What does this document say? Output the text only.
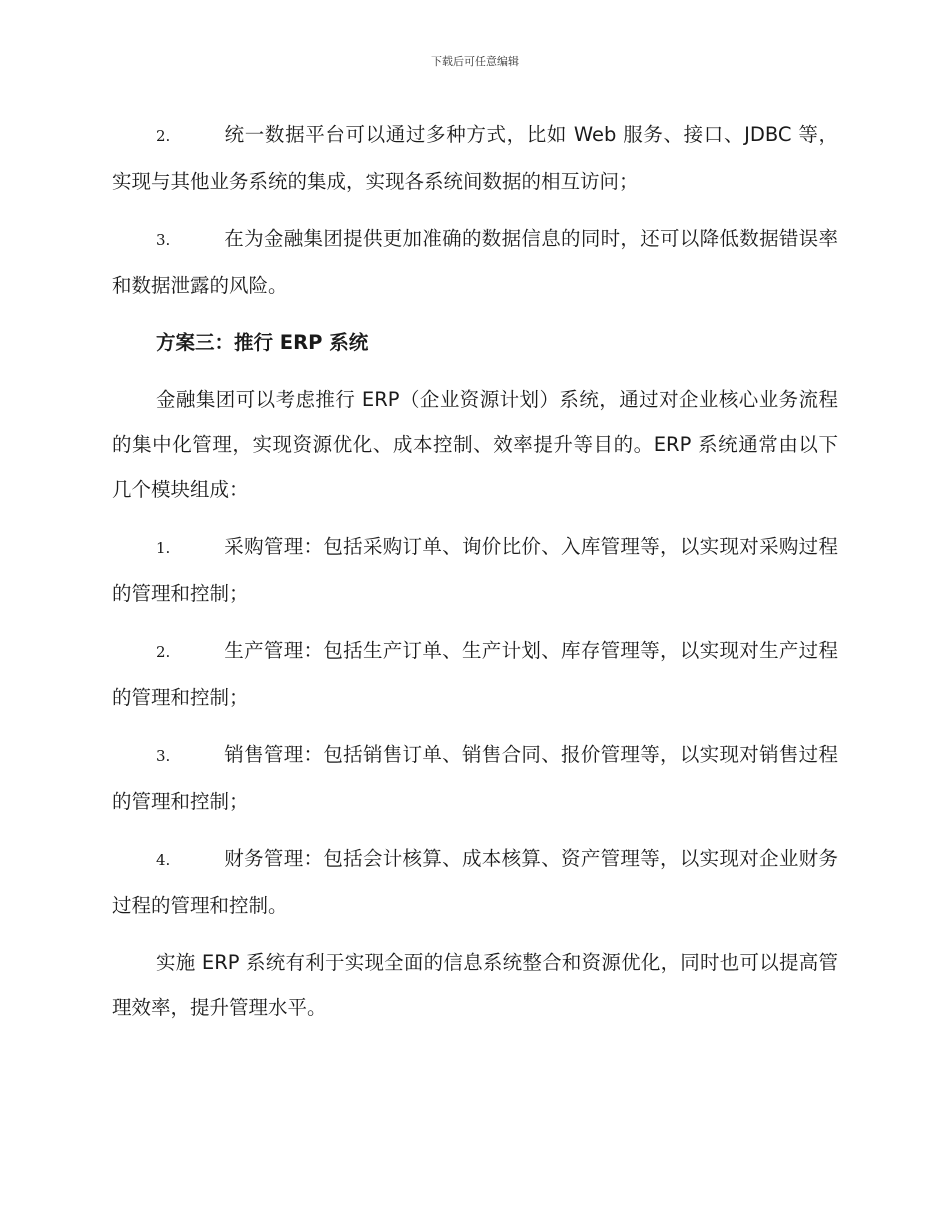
下载后可任意编辑

2.	统一数据平台可以通过多种方式，比如 Web 服务、接口、JDBC 等，实现与其他业务系统的集成，实现各系统间数据的相互访问；

3.	在为金融集团提供更加准确的数据信息的同时，还可以降低数据错误率和数据泄露的风险。

方案三：推行 ERP 系统

金融集团可以考虑推行 ERP（企业资源计划）系统，通过对企业核心业务流程的集中化管理，实现资源优化、成本控制、效率提升等目的。ERP 系统通常由以下几个模块组成：

1.	采购管理：包括采购订单、询价比价、入库管理等，以实现对采购过程的管理和控制；

2.	生产管理：包括生产订单、生产计划、库存管理等，以实现对生产过程的管理和控制；

3.	销售管理：包括销售订单、销售合同、报价管理等，以实现对销售过程的管理和控制；

4.	财务管理：包括会计核算、成本核算、资产管理等，以实现对企业财务过程的管理和控制。

实施 ERP 系统有利于实现全面的信息系统整合和资源优化，同时也可以提高管理效率，提升管理水平。
